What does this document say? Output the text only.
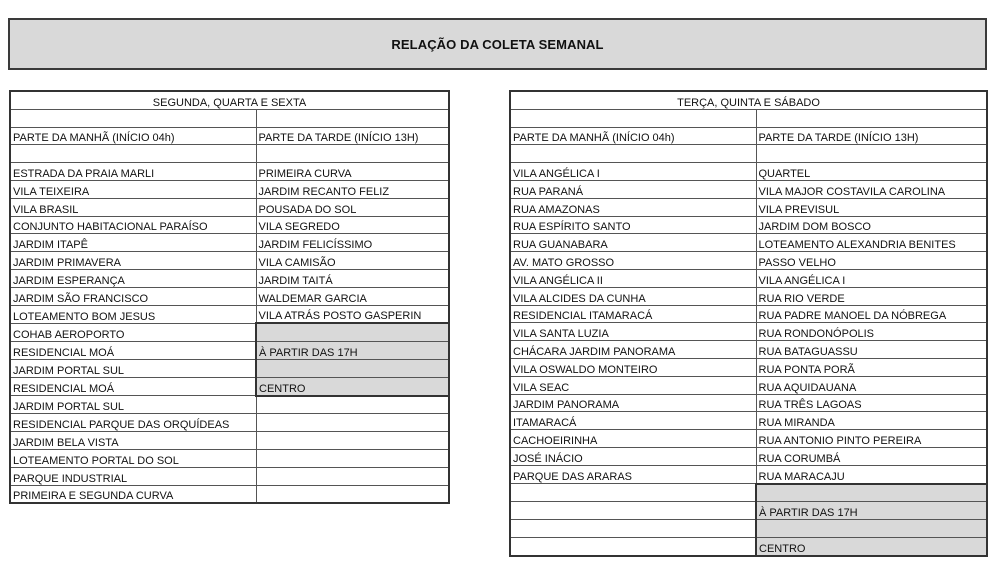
RELAÇÃO DA COLETA SEMANAL
SEGUNDA, QUARTA E SEXTA	

PARTE DA MANHÃ (INÍCIO 04h)	PARTE DA TARDE (INÍCIO 13H)

ESTRADA DA PRAIA MARLI	PRIMEIRA CURVA
VILA TEIXEIRA	JARDIM RECANTO FELIZ
VILA BRASIL	POUSADA DO SOL
CONJUNTO HABITACIONAL PARAÍSO	VILA SEGREDO
JARDIM ITAPÊ	JARDIM FELICÍSSIMO
JARDIM PRIMAVERA	VILA CAMISÃO
JARDIM ESPERANÇA	JARDIM TAITÁ
JARDIM SÃO FRANCISCO	WALDEMAR GARCIA
LOTEAMENTO BOM JESUS	VILA ATRÁS POSTO GASPERIN
COHAB AEROPORTO	
RESIDENCIAL MOÁ	À PARTIR DAS 17H
JARDIM PORTAL SUL	
RESIDENCIAL MOÁ	CENTRO
JARDIM PORTAL SUL	
RESIDENCIAL PARQUE DAS ORQUÍDEAS	
JARDIM BELA VISTA	
LOTEAMENTO PORTAL DO SOL	
PARQUE INDUSTRIAL	
PRIMEIRA E SEGUNDA CURVA	
TERÇA, QUINTA E SÁBADO	

PARTE DA MANHÃ (INÍCIO 04h)	PARTE DA TARDE (INÍCIO 13H)

VILA ANGÉLICA I	QUARTEL
RUA PARANÁ	VILA MAJOR COSTAVILA CAROLINA
RUA AMAZONAS	VILA PREVISUL
RUA ESPÍRITO SANTO	JARDIM DOM BOSCO
RUA GUANABARA	LOTEAMENTO ALEXANDRIA BENITES
AV. MATO GROSSO	PASSO VELHO
VILA ANGÉLICA II	VILA ANGÉLICA I
VILA ALCIDES DA CUNHA	RUA RIO VERDE
RESIDENCIAL ITAMARACÁ	RUA PADRE MANOEL DA NÓBREGA
VILA SANTA LUZIA	RUA RONDONÓPOLIS
CHÁCARA JARDIM PANORAMA	RUA BATAGUASSU
VILA OSWALDO MONTEIRO	RUA PONTA PORÃ
VILA SEAC	RUA AQUIDAUANA
JARDIM PANORAMA	RUA TRÊS LAGOAS
ITAMARACÁ	RUA MIRANDA
CACHOEIRINHA	RUA ANTONIO PINTO PEREIRA
JOSÉ INÁCIO	RUA CORUMBÁ
PARQUE DAS ARARAS	RUA MARACAJU

	À PARTIR DAS 17H

	CENTRO
